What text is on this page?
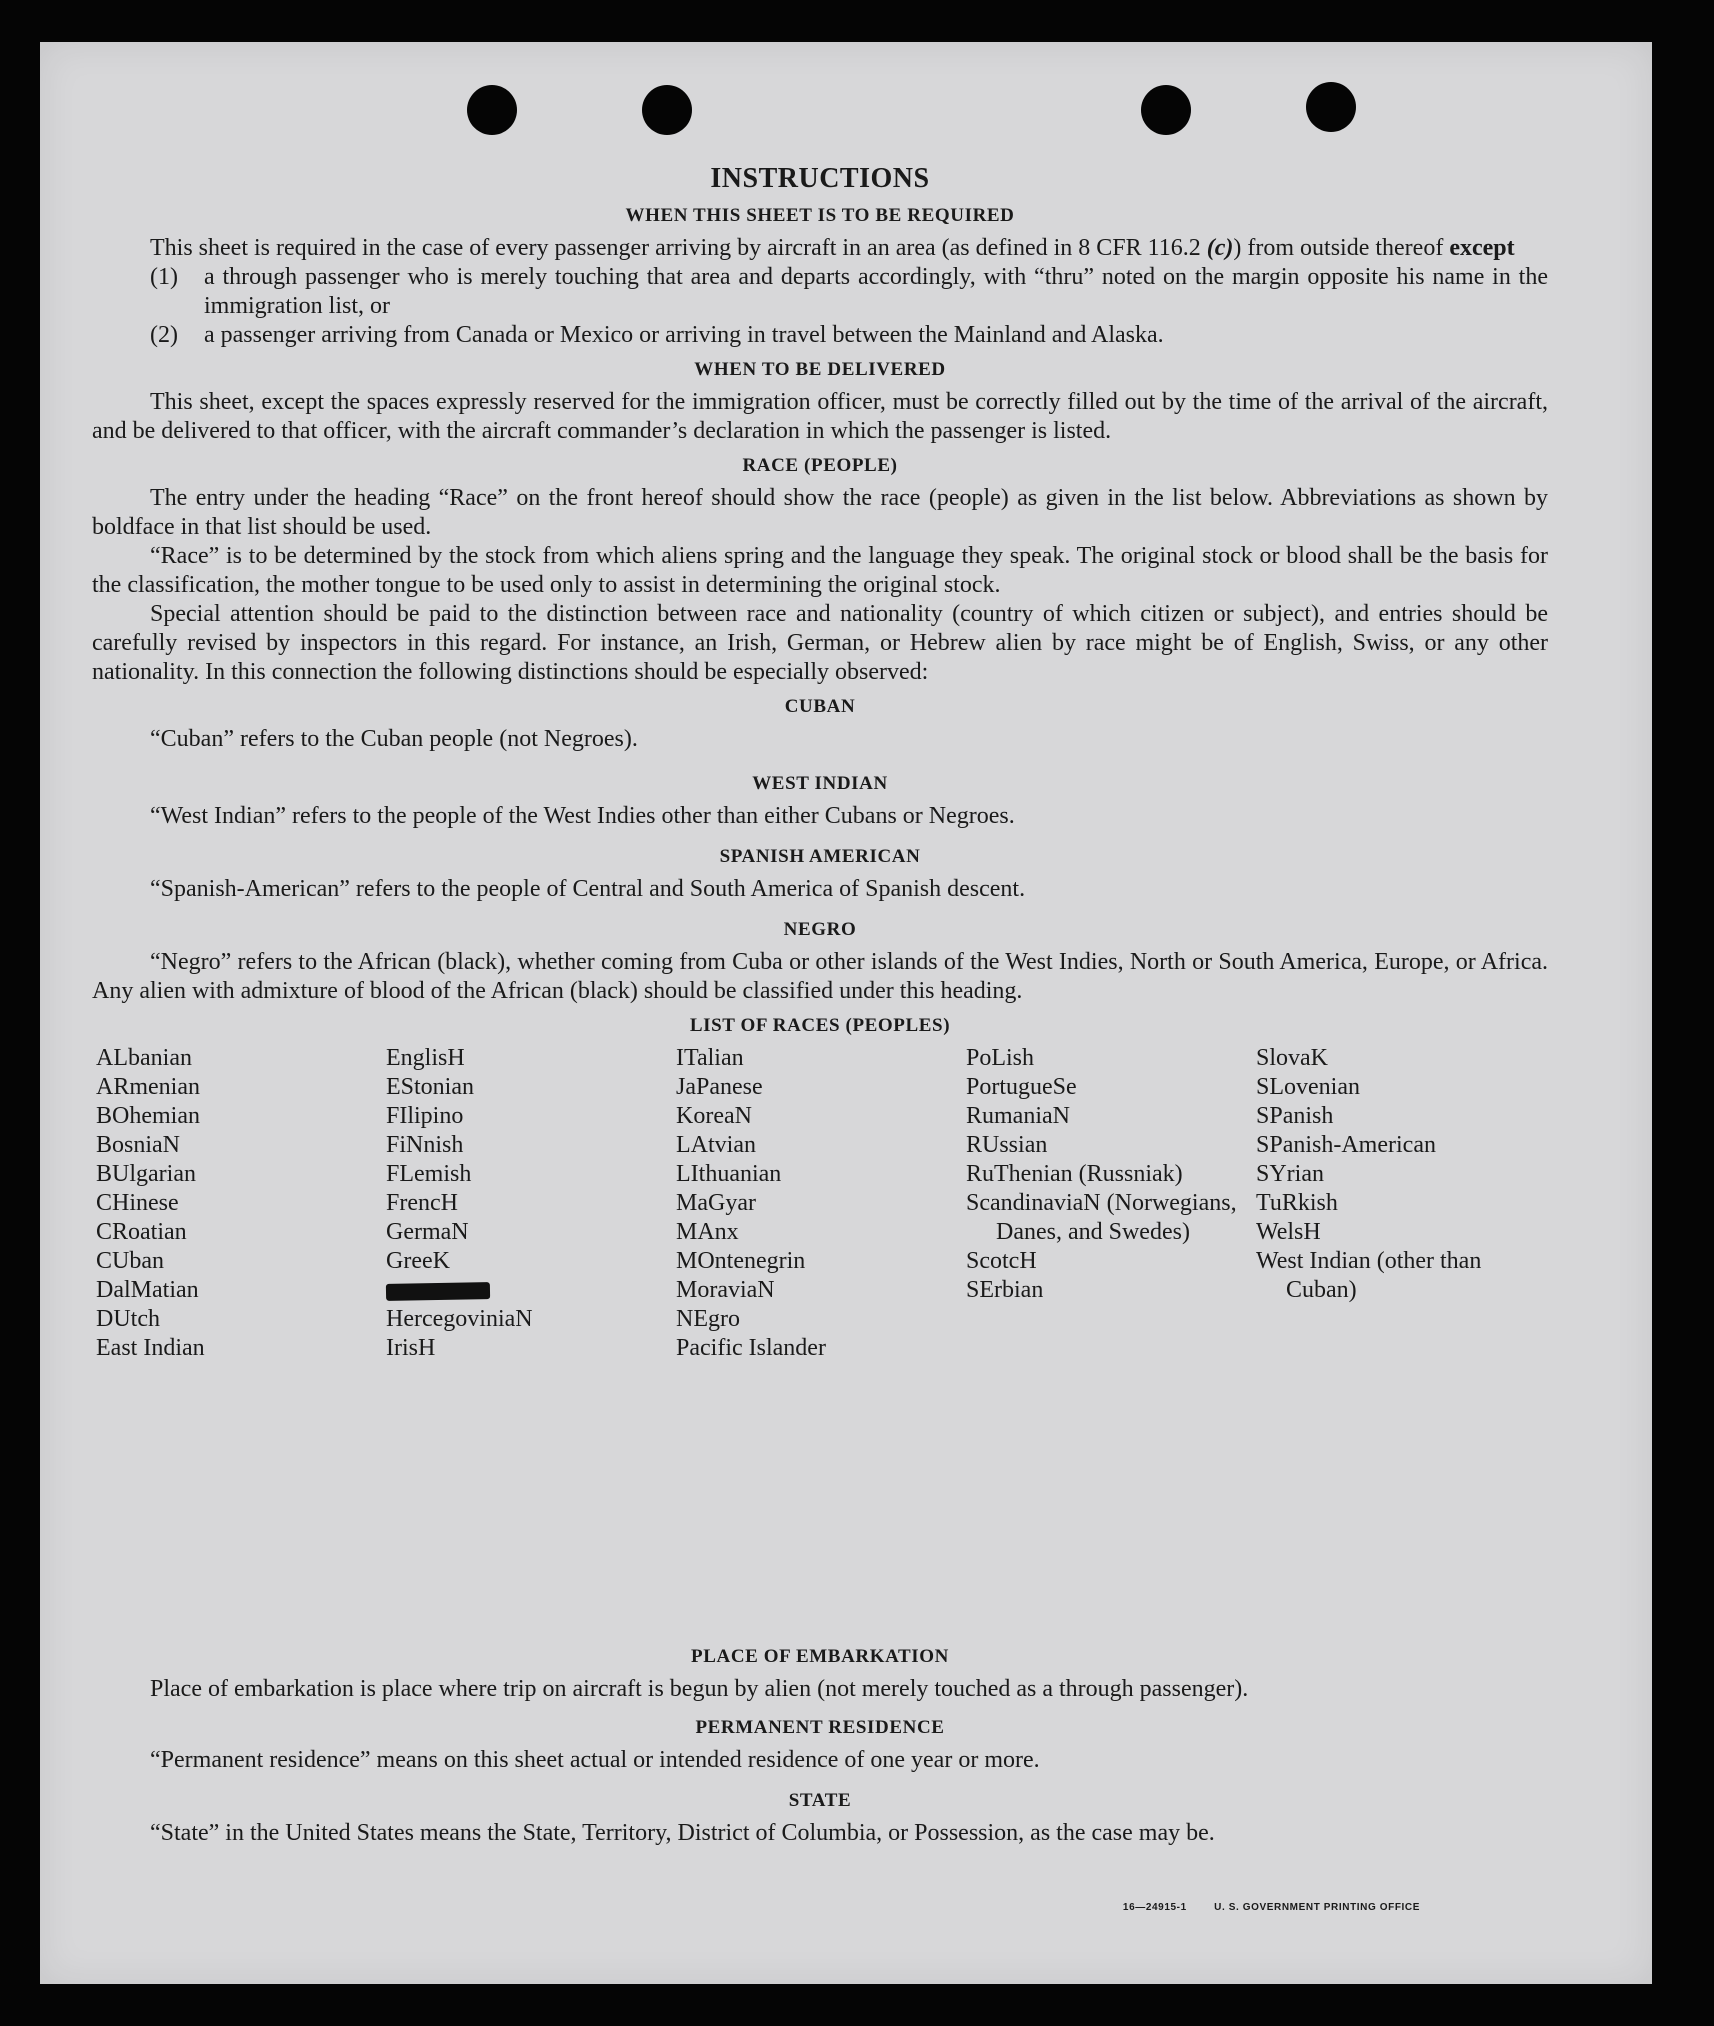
INSTRUCTIONS
WHEN THIS SHEET IS TO BE REQUIRED

This sheet is required in the case of every passenger arriving by aircraft in an area (as defined in 8 CFR 116.2 (c)) from outside thereof except

(1)	a through passenger who is merely touching that area and departs accordingly, with “thru” noted on the margin opposite his name in the immigration list, or
(2)	a passenger arriving from Canada or Mexico or arriving in travel between the Mainland and Alaska.
WHEN TO BE DELIVERED

This sheet, except the spaces expressly reserved for the immigration officer, must be correctly filled out by the time of the arrival of the aircraft, and be delivered to that officer, with the aircraft commander’s declaration in which the passenger is listed.

RACE (PEOPLE)

The entry under the heading “Race” on the front hereof should show the race (people) as given in the list below. Abbreviations as shown by boldface in that list should be used.

“Race” is to be determined by the stock from which aliens spring and the language they speak. The original stock or blood shall be the basis for the classification, the mother tongue to be used only to assist in determining the original stock.

Special attention should be paid to the distinction between race and nationality (country of which citizen or subject), and entries should be carefully revised by inspectors in this regard. For instance, an Irish, German, or Hebrew alien by race might be of English, Swiss, or any other nationality. In this connection the following distinctions should be especially observed:

CUBAN

“Cuban” refers to the Cuban people (not Negroes).

WEST INDIAN

“West Indian” refers to the people of the West Indies other than either Cubans or Negroes.

SPANISH AMERICAN

“Spanish-American” refers to the people of Central and South America of Spanish descent.

NEGRO

“Negro” refers to the African (black), whether coming from Cuba or other islands of the West Indies, North or South America, Europe, or Africa. Any alien with admixture of blood of the African (black) should be classified under this heading.

LIST OF RACES (PEOPLES)
ALbanian
ARmenian
BOhemian
BosniaN
BUlgarian
CHinese
CRoatian
CUban
DalMatian
DUtch
East Indian
EnglisH
EStonian
FIlipino
FiNnish
FLemish
FrencH
GermaN
GreeK
HercegoviniaN
IrisH
ITalian
JaPanese
KoreaN
LAtvian
LIthuanian
MaGyar
MAnx
MOntenegrin
MoraviaN
NEgro
Pacific Islander
PoLish
PortugueSe
RumaniaN
RUssian
RuThenian (Russniak)
ScandinaviaN (Norwegians, Danes, and Swedes)
ScotcH
SErbian
SlovaK
SLovenian
SPanish
SPanish-American
SYrian
TuRkish
WelsH
West Indian (other than Cuban)
PLACE OF EMBARKATION

Place of embarkation is place where trip on aircraft is begun by alien (not merely touched as a through passenger).

PERMANENT RESIDENCE

“Permanent residence” means on this sheet actual or intended residence of one year or more.

STATE

“State” in the United States means the State, Territory, District of Columbia, or Possession, as the case may be.

16—24915-1	U. S. GOVERNMENT PRINTING OFFICE
